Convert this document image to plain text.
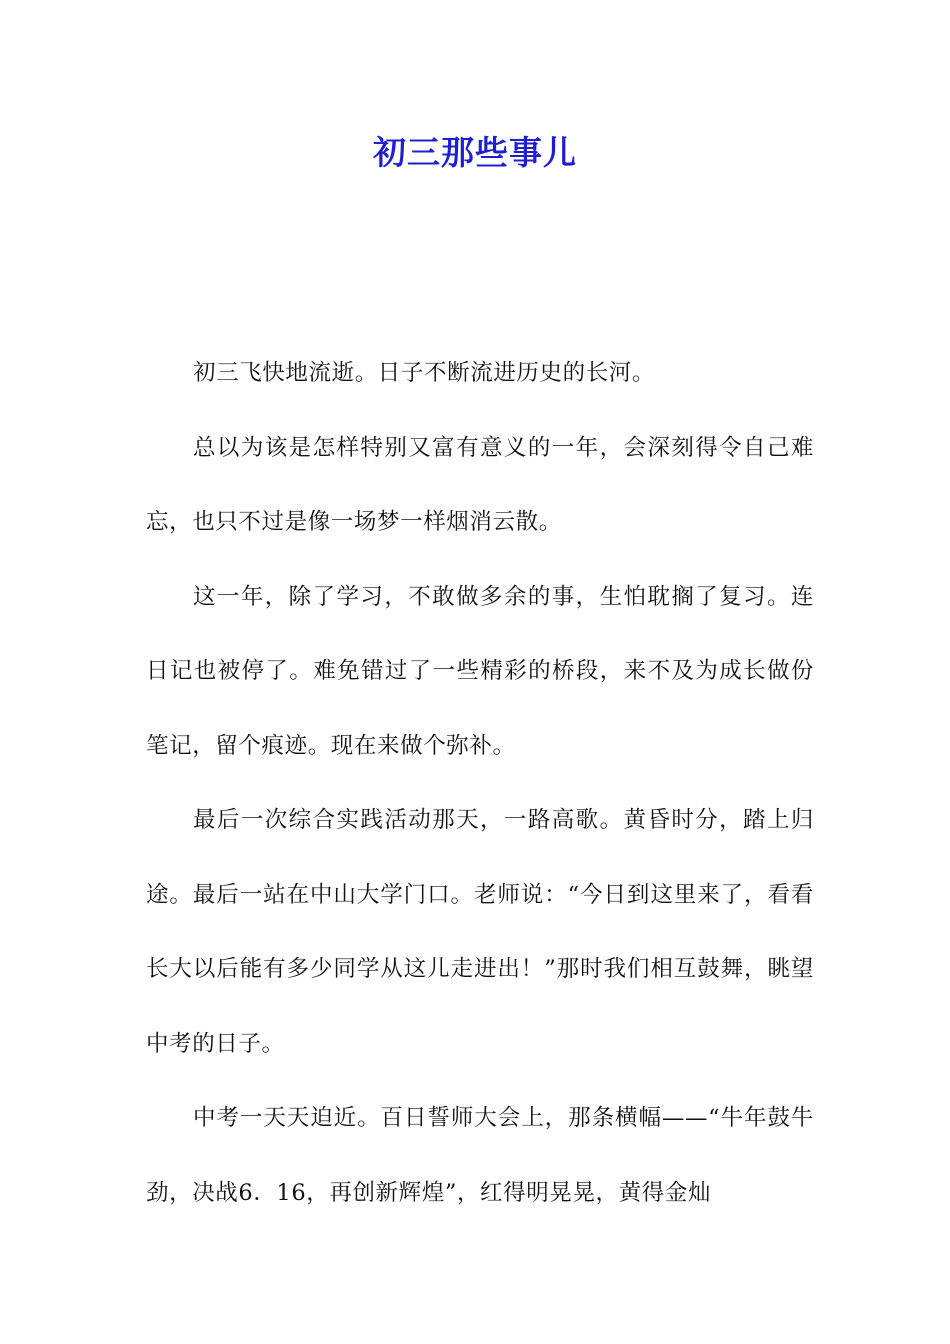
初三那些事儿

初三飞快地流逝。日子不断流进历史的长河。

总以为该是怎样特别又富有意义的一年，会深刻得令自己难忘，也只不过是像一场梦一样烟消云散。

这一年，除了学习，不敢做多余的事，生怕耽搁了复习。连日记也被停了。难免错过了一些精彩的桥段，来不及为成长做份笔记，留个痕迹。现在来做个弥补。

最后一次综合实践活动那天，一路高歌。黄昏时分，踏上归途。最后一站在中山大学门口。老师说：“今日到这里来了，看看长大以后能有多少同学从这儿走进出！”那时我们相互鼓舞，眺望中考的日子。

中考一天天迫近。百日誓师大会上，那条横幅——“牛年鼓牛劲，决战6．16，再创新辉煌”，红得明晃晃，黄得金灿
